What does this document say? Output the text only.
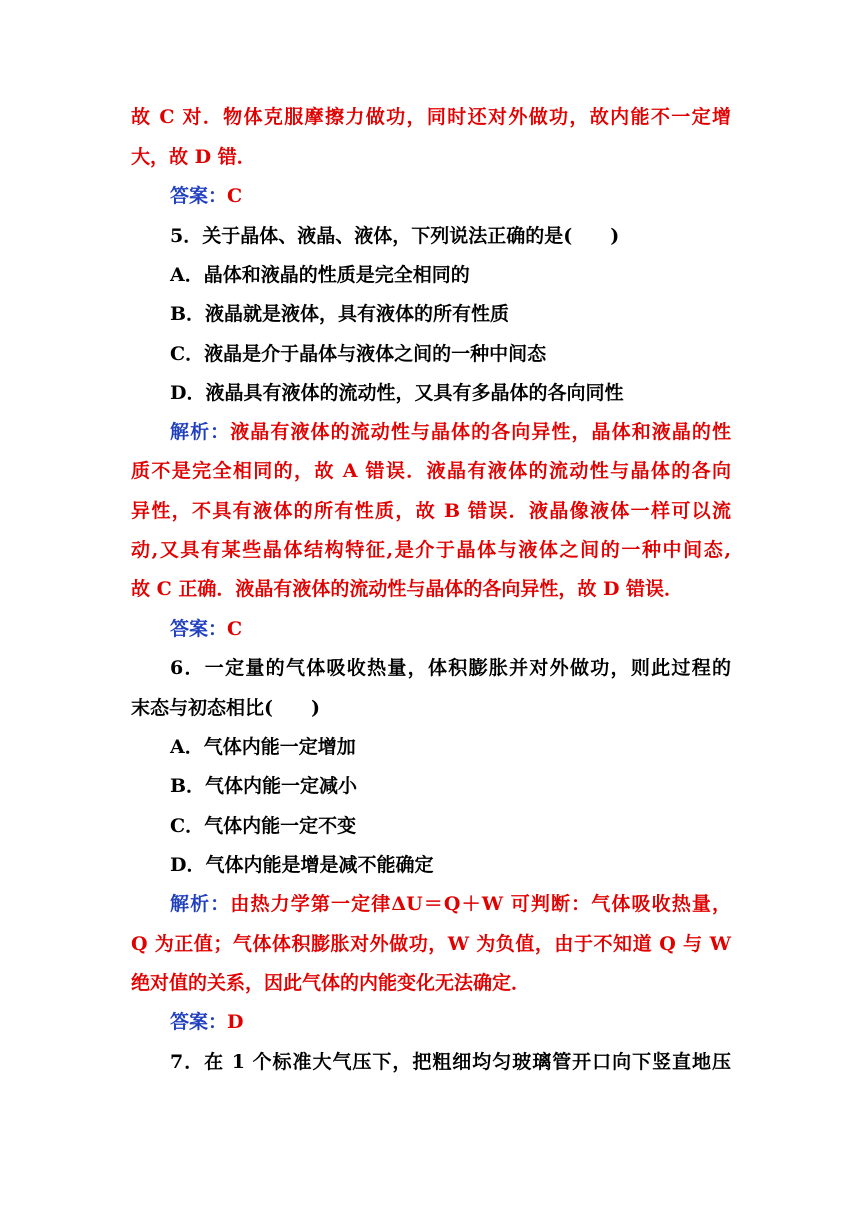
故 C 对．物体克服摩擦力做功，同时还对外做功，故内能不一定增
大，故 D 错．
答案：C
5．关于晶体、液晶、液体，下列说法正确的是(　　)
A．晶体和液晶的性质是完全相同的
B．液晶就是液体，具有液体的所有性质
C．液晶是介于晶体与液体之间的一种中间态
D．液晶具有液体的流动性，又具有多晶体的各向同性
解析：液晶有液体的流动性与晶体的各向异性，晶体和液晶的性
质不是完全相同的，故 A 错误．液晶有液体的流动性与晶体的各向
异性，不具有液体的所有性质，故 B 错误．液晶像液体一样可以流
动,又具有某些晶体结构特征,是介于晶体与液体之间的一种中间态,
故 C 正确．液晶有液体的流动性与晶体的各向异性，故 D 错误．
答案：C
6．一定量的气体吸收热量，体积膨胀并对外做功，则此过程的
末态与初态相比(　　)
A．气体内能一定增加
B．气体内能一定减小
C．气体内能一定不变
D．气体内能是增是减不能确定
解析：由热力学第一定律ΔU＝Q＋W 可判断：气体吸收热量，
Q 为正值；气体体积膨胀对外做功，W 为负值，由于不知道 Q 与 W
绝对值的关系，因此气体的内能变化无法确定．
答案：D
7．在 1 个标准大气压下，把粗细均匀玻璃管开口向下竖直地压
